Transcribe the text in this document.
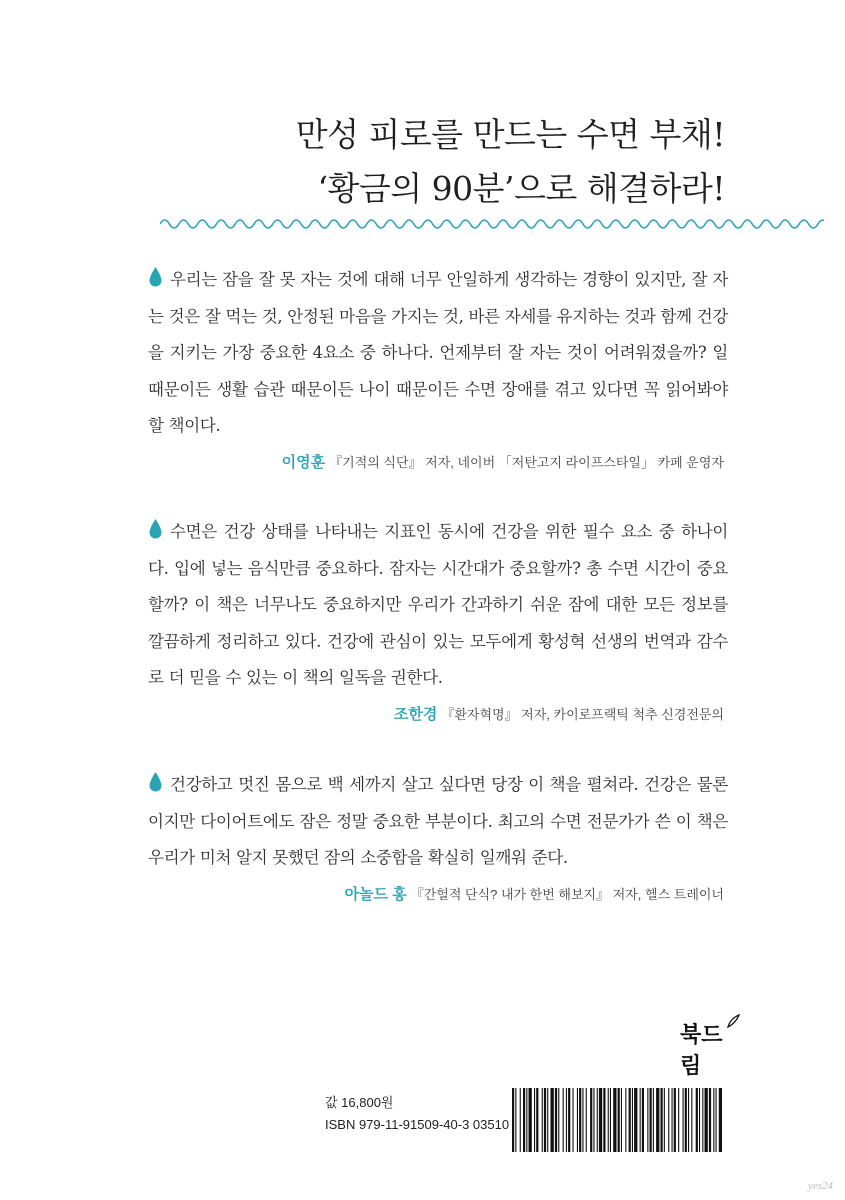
만성 피로를 만드는 수면 부채!
‘황금의 90분’으로 해결하라!

우리는 잠을 잘 못 자는 것에 대해 너무 안일하게 생각하는 경향이 있지만, 잘 자는 것은 잘 먹는 것, 안정된 마음을 가지는 것, 바른 자세를 유지하는 것과 함께 건강을 지키는 가장 중요한 4요소 중 하나다. 언제부터 잘 자는 것이 어려워졌을까? 일 때문이든 생활 습관 때문이든 나이 때문이든 수면 장애를 겪고 있다면 꼭 읽어봐야 할 책이다.

이영훈 『기적의 식단』 저자, 네이버 「저탄고지 라이프스타일」 카페 운영자

수면은 건강 상태를 나타내는 지표인 동시에 건강을 위한 필수 요소 중 하나이다. 입에 넣는 음식만큼 중요하다. 잠자는 시간대가 중요할까? 총 수면 시간이 중요할까? 이 책은 너무나도 중요하지만 우리가 간과하기 쉬운 잠에 대한 모든 정보를 깔끔하게 정리하고 있다. 건강에 관심이 있는 모두에게 황성혁 선생의 번역과 감수로 더 믿을 수 있는 이 책의 일독을 권한다.

조한경 『환자혁명』 저자, 카이로프랙틱 척추 신경전문의

건강하고 멋진 몸으로 백 세까지 살고 싶다면 당장 이 책을 펼쳐라. 건강은 물론이지만 다이어트에도 잠은 정말 중요한 부분이다. 최고의 수면 전문가가 쓴 이 책은 우리가 미처 알지 못했던 잠의 소중함을 확실히 일깨워 준다.

아놀드 홍 『간헐적 단식? 내가 한번 해보지』 저자, 헬스 트레이너
북드림
값 16,800원
ISBN 979-11-91509-40-3 03510
yes24
